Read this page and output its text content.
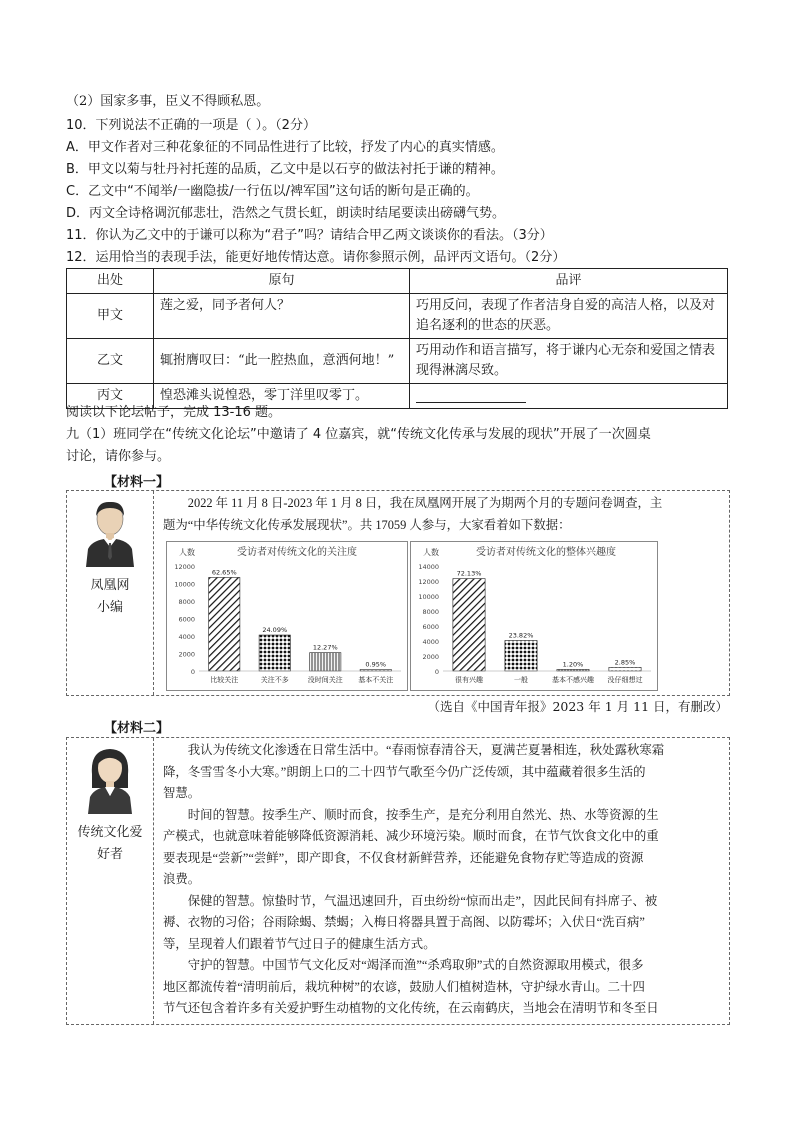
（2）国家多事，臣义不得顾私恩。
10．下列说法不正确的一项是（ ）。（2分）
A．甲文作者对三种花象征的不同品性进行了比较，抒发了内心的真实情感。
B．甲文以菊与牡丹衬托莲的品质，乙文中是以石亨的做法衬托于谦的精神。
C．乙文中“不闻举/一幽隐拔/一行伍以/裨军国”这句话的断句是正确的。
D．丙文全诗格调沉郁悲壮，浩然之气贯长虹，朗读时结尾要读出磅礴气势。
11．你认为乙文中的于谦可以称为“君子”吗？请结合甲乙两文谈谈你的看法。（3分）
12．运用恰当的表现手法，能更好地传情达意。请你参照示例，品评丙文语句。（2分）
出处	原句	品评
甲文	莲之爱，同予者何人？	巧用反问，表现了作者洁身自爱的高洁人格，以及对追名逐利的世态的厌恶。
乙文	辄拊膺叹曰：“此一腔热血，意洒何地！”	巧用动作和语言描写，将于谦内心无奈和爱国之情表现得淋漓尽致。
丙文	惶恐滩头说惶恐，零丁洋里叹零丁。	
阅读以下论坛帖子，完成 13-16 题。
九（1）班同学在“传统文化论坛”中邀请了 4 位嘉宾，就“传统文化传承与发展的现状”开展了一次圆桌
讨论，请你参与。
【材料一】
凤凰网
小编

2022 年 11 月 8 日-2023 年 1 月 8 日，我在凤凰网开展了为期两个月的专题问卷调查，主

题为“中华传统文化传承发展现状”。共 17059 人参与，大家看着如下数据：

受访者对传统文化的关注度
人数
12000
10000
8000
6000
4000
2000
0
62.65%
比较关注
24.09%
关注不多
12.27%
没时间关注
0.95%
基本不关注
受访者对传统文化的整体兴趣度
人数
14000
12000
10000
8000
6000
4000
2000
0
72.13%
很有兴趣
23.82%
一般
1.20%
基本不感兴趣
2.85%
没仔细想过
（选自《中国青年报》2023 年 1 月 11 日，有删改）
【材料二】
传统文化爱
好者

我认为传统文化渗透在日常生活中。“春雨惊春清谷天，夏满芒夏暑相连，秋处露秋寒霜

降，冬雪雪冬小大寒。”朗朗上口的二十四节气歌至今仍广泛传颂，其中蕴藏着很多生活的

智慧。

时间的智慧。按季生产、顺时而食，按季生产，是充分利用自然光、热、水等资源的生

产模式，也就意味着能够降低资源消耗、减少环境污染。顺时而食，在节气饮食文化中的重

要表现是“尝新”“尝鲜”，即产即食，不仅食材新鲜营养，还能避免食物存贮等造成的资源

浪费。

保健的智慧。惊蛰时节，气温迅速回升，百虫纷纷“惊而出走”，因此民间有抖席子、被

褥、衣物的习俗；谷雨除蝎、禁蝎；入梅日将器具置于高阁、以防霉坏；入伏日“洗百病”

等，呈现着人们跟着节气过日子的健康生活方式。

守护的智慧。中国节气文化反对“竭泽而渔”“杀鸡取卵”式的自然资源取用模式，很多

地区都流传着“清明前后，栽坑种树”的农谚，鼓励人们植树造林，守护绿水青山。二十四

节气还包含着许多有关爱护野生动植物的文化传统，在云南鹤庆，当地会在清明节和冬至日
